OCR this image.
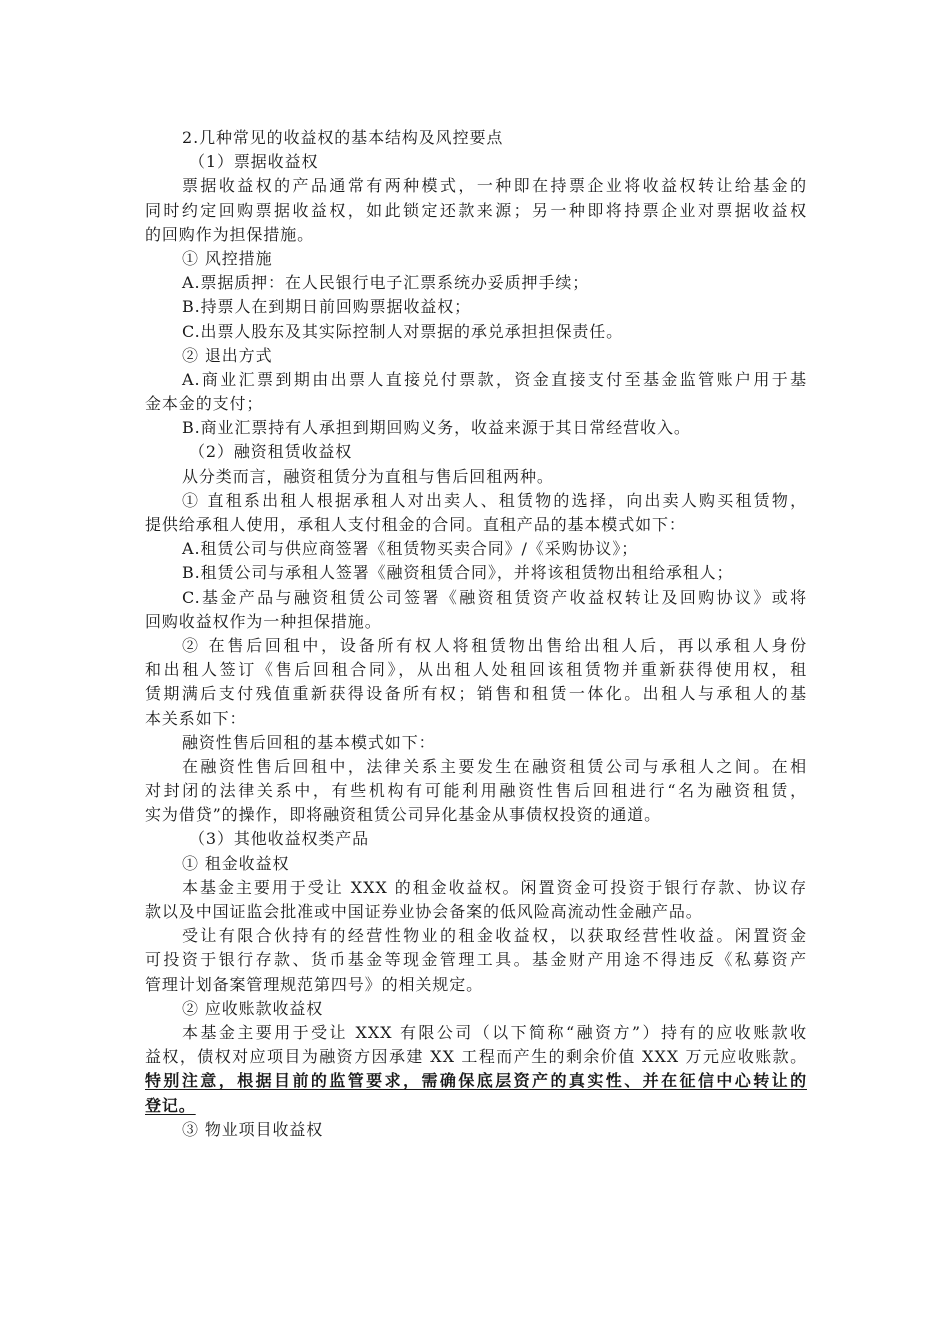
2.几种常见的收益权的基本结构及风控要点
（1）票据收益权
票据收益权的产品通常有两种模式，一种即在持票企业将收益权转让给基金的
同时约定回购票据收益权，如此锁定还款来源；另一种即将持票企业对票据收益权
的回购作为担保措施。
① 风控措施
A.票据质押：在人民银行电子汇票系统办妥质押手续；
B.持票人在到期日前回购票据收益权；
C.出票人股东及其实际控制人对票据的承兑承担担保责任。
② 退出方式
A.商业汇票到期由出票人直接兑付票款，资金直接支付至基金监管账户用于基
金本金的支付；
B.商业汇票持有人承担到期回购义务，收益来源于其日常经营收入。
（2）融资租赁收益权
从分类而言，融资租赁分为直租与售后回租两种。
① 直租系出租人根据承租人对出卖人、租赁物的选择，向出卖人购买租赁物，
提供给承租人使用，承租人支付租金的合同。直租产品的基本模式如下：
A.租赁公司与供应商签署《租赁物买卖合同》/《采购协议》；
B.租赁公司与承租人签署《融资租赁合同》，并将该租赁物出租给承租人；
C.基金产品与融资租赁公司签署《融资租赁资产收益权转让及回购协议》或将
回购收益权作为一种担保措施。
② 在售后回租中，设备所有权人将租赁物出售给出租人后，再以承租人身份
和出租人签订《售后回租合同》，从出租人处租回该租赁物并重新获得使用权，租
赁期满后支付残值重新获得设备所有权；销售和租赁一体化。出租人与承租人的基
本关系如下：
融资性售后回租的基本模式如下：
在融资性售后回租中，法律关系主要发生在融资租赁公司与承租人之间。在相
对封闭的法律关系中，有些机构有可能利用融资性售后回租进行“名为融资租赁，
实为借贷”的操作，即将融资租赁公司异化基金从事债权投资的通道。
（3）其他收益权类产品
① 租金收益权
本基金主要用于受让 XXX 的租金收益权。闲置资金可投资于银行存款、协议存
款以及中国证监会批准或中国证券业协会备案的低风险高流动性金融产品。
受让有限合伙持有的经营性物业的租金收益权，以获取经营性收益。闲置资金
可投资于银行存款、货币基金等现金管理工具。基金财产用途不得违反《私募资产
管理计划备案管理规范第四号》的相关规定。
② 应收账款收益权
本基金主要用于受让 XXX 有限公司（以下简称“融资方”）持有的应收账款收
益权，债权对应项目为融资方因承建 XX 工程而产生的剩余价值 XXX 万元应收账款。
特别注意，根据目前的监管要求，需确保底层资产的真实性、并在征信中心转让的
登记。
③ 物业项目收益权
